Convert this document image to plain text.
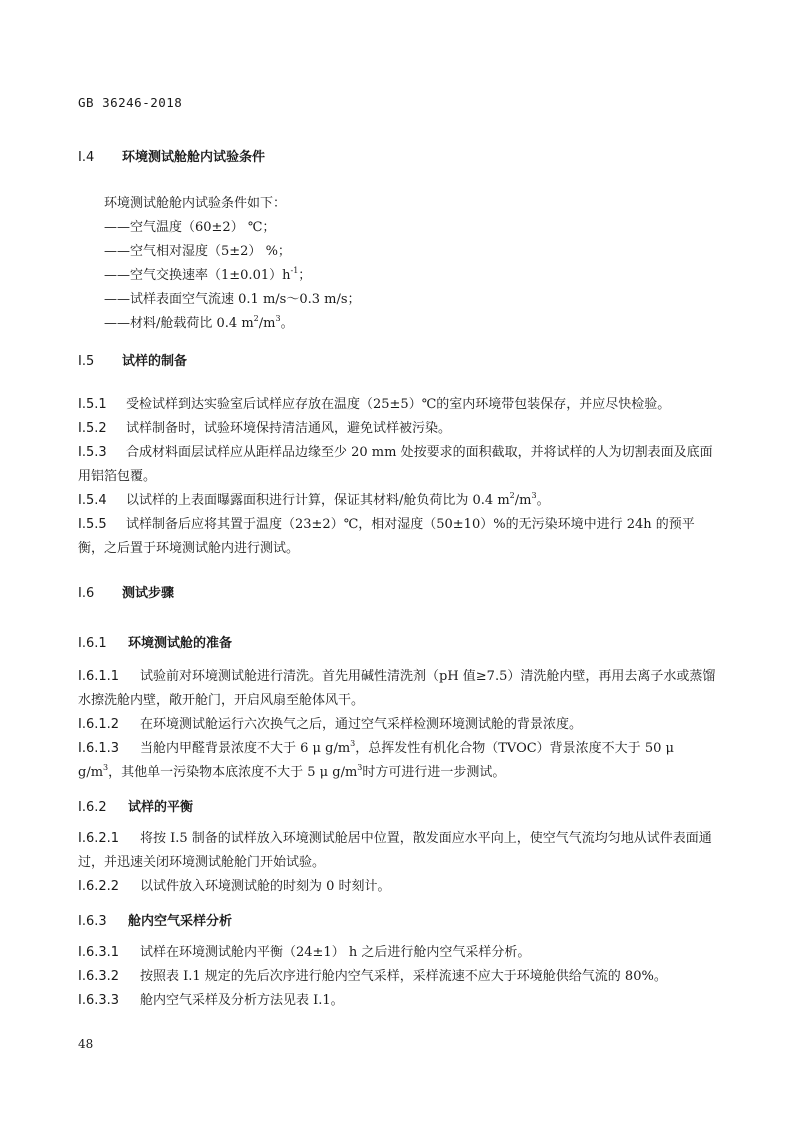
GB 36246-2018
I.4 环境测试舱舱内试验条件
环境测试舱舱内试验条件如下：
——空气温度（60±2） ℃；
——空气相对湿度（5±2） %；
——空气交换速率$(1\pm 0.01)h^{-1}$；
——试样表面空气流速 0.1 m/s～0.3 m/s；
——材料/舱载荷比 0.4 $m^2/m^3$。
I.5 试样的制备
I.5.1 受检试样到达实验室后试样应存放在温度（25±5）℃的室内环境带包装保存，并应尽快检验。
I.5.2 试样制备时，试验环境保持清洁通风，避免试样被污染。
I.5.3 合成材料面层试样应从距样品边缘至少 20 mm 处按要求的面积截取，并将试样的人为切割表面及底面用铝箔包覆。
I.5.4 以试样的上表面曝露面积进行计算，保证其材料/舱负荷比为 0.4 $m^2/m^3$。
I.5.5 试样制备后应将其置于温度（23±2）℃，相对湿度（50±10）%的无污染环境中进行 24h 的预平衡，之后置于环境测试舱内进行测试。
I.6 测试步骤
I.6.1 环境测试舱的准备
I.6.1.1 试验前对环境测试舱进行清洗。首先用碱性清洗剂（pH 值≥7.5）清洗舱内壁，再用去离子水或蒸馏水擦洗舱内壁，敞开舱门，开启风扇至舱体风干。
I.6.1.2 在环境测试舱运行六次换气之后，通过空气采样检测环境测试舱的背景浓度。
I.6.1.3 当舱内甲醛背景浓度不大于 6 μ $g/m^3$，总挥发性有机化合物（TVOC）背景浓度不大于 50 μ $g/m^3$，其他单一污染物本底浓度不大于 5 μ $g/m^3$时方可进行进一步测试。
I.6.2 试样的平衡
I.6.2.1 将按 I.5 制备的试样放入环境测试舱居中位置，散发面应水平向上，使空气气流均匀地从试件表面通过，并迅速关闭环境测试舱舱门开始试验。
I.6.2.2 以试件放入环境测试舱的时刻为 0 时刻计。
I.6.3 舱内空气采样分析
I.6.3.1 试样在环境测试舱内平衡（24±1） h 之后进行舱内空气采样分析。
I.6.3.2 按照表 I.1 规定的先后次序进行舱内空气采样，采样流速不应大于环境舱供给气流的 80%。
I.6.3.3 舱内空气采样及分析方法见表 I.1。
48
